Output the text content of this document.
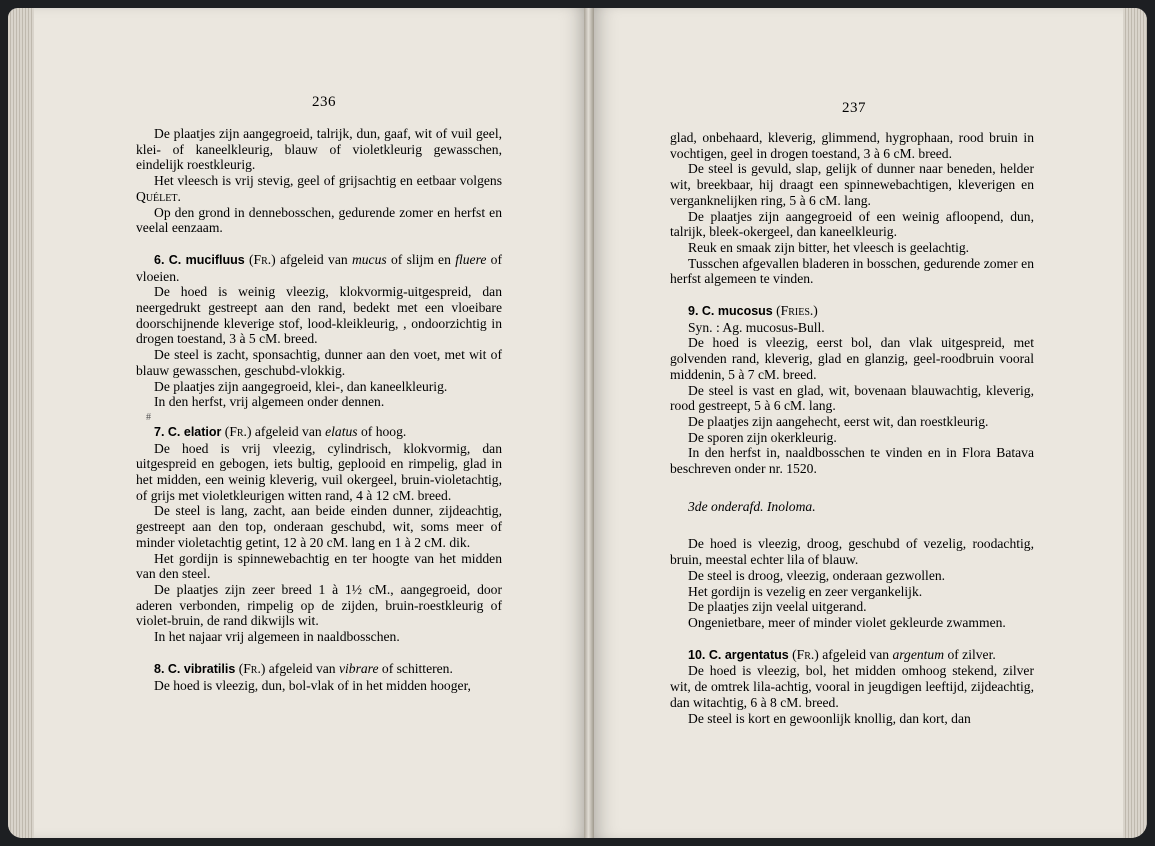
236

De plaatjes zijn aangegroeid, talrijk, dun, gaaf, wit of vuil geel, klei- of kaneelkleurig, blauw of violetkleurig gewasschen, eindelijk roestkleurig.

Het vleesch is vrij stevig, geel of grijsachtig en eetbaar volgens Quélet.

Op den grond in dennebosschen, gedurende zomer en herfst en veelal eenzaam.

6. C. mucifluus (Fr.) afgeleid van mucus of slijm en fluere of vloeien.

De hoed is weinig vleezig, klokvormig-uitgespreid, dan neergedrukt gestreept aan den rand, bedekt met een vloeibare doorschijnende kleverige stof, lood-kleikleurig, , ondoorzichtig in drogen toestand, 3 à 5 cM. breed.

De steel is zacht, sponsachtig, dunner aan den voet, met wit of blauw gewasschen, geschubd-vlokkig.

De plaatjes zijn aangegroeid, klei-, dan kaneelkleurig.

In den herfst, vrij algemeen onder dennen.

#

7. C. elatior (Fr.) afgeleid van elatus of hoog.

De hoed is vrij vleezig, cylindrisch, klokvormig, dan uitgespreid en gebogen, iets bultig, geplooid en rimpelig, glad in het midden, een weinig kleverig, vuil okergeel, bruin-violetachtig, of grijs met violetkleurigen witten rand, 4 à 12 cM. breed.

De steel is lang, zacht, aan beide einden dunner, zijdeachtig, gestreept aan den top, onderaan geschubd, wit, soms meer of minder violetachtig getint, 12 à 20 cM. lang en 1 à 2 cM. dik.

Het gordijn is spinnewebachtig en ter hoogte van het midden van den steel.

De plaatjes zijn zeer breed 1 à 1½ cM., aangegroeid, door aderen verbonden, rimpelig op de zijden, bruin-roestkleurig of violet-bruin, de rand dikwijls wit.

In het najaar vrij algemeen in naaldbosschen.

8. C. vibratilis (Fr.) afgeleid van vibrare of schitteren.

De hoed is vleezig, dun, bol-vlak of in het midden hooger,

237

glad, onbehaard, kleverig, glimmend, hygrophaan, rood bruin in vochtigen, geel in drogen toestand, 3 à 6 cM. breed.

De steel is gevuld, slap, gelijk of dunner naar beneden, helder wit, breekbaar, hij draagt een spinnewebachtigen, kleverigen en verganknelijken ring, 5 à 6 cM. lang.

De plaatjes zijn aangegroeid of een weinig afloopend, dun, talrijk, bleek-okergeel, dan kaneelkleurig.

Reuk en smaak zijn bitter, het vleesch is geelachtig.

Tusschen afgevallen bladeren in bosschen, gedurende zomer en herfst algemeen te vinden.

9. C. mucosus (Fries.)

Syn. : Ag. mucosus-Bull.

De hoed is vleezig, eerst bol, dan vlak uitgespreid, met golvenden rand, kleverig, glad en glanzig, geel-roodbruin vooral middenin, 5 à 7 cM. breed.

De steel is vast en glad, wit, bovenaan blauwachtig, kleverig, rood gestreept, 5 à 6 cM. lang.

De plaatjes zijn aangehecht, eerst wit, dan roestkleurig.

De sporen zijn okerkleurig.

In den herfst in, naaldbosschen te vinden en in Flora Batava beschreven onder nr. 1520.

3de onderafd. Inoloma.

De hoed is vleezig, droog, geschubd of vezelig, roodachtig, bruin, meestal echter lila of blauw.

De steel is droog, vleezig, onderaan gezwollen.

Het gordijn is vezelig en zeer vergankelijk.

De plaatjes zijn veelal uitgerand.

Ongenietbare, meer of minder violet gekleurde zwammen.

10. C. argentatus (Fr.) afgeleid van argentum of zilver.

De hoed is vleezig, bol, het midden omhoog stekend, zilver wit, de omtrek lila-achtig, vooral in jeugdigen leeftijd, zijdeachtig, dan witachtig, 6 à 8 cM. breed.

De steel is kort en gewoonlijk knollig, dan kort, dan
